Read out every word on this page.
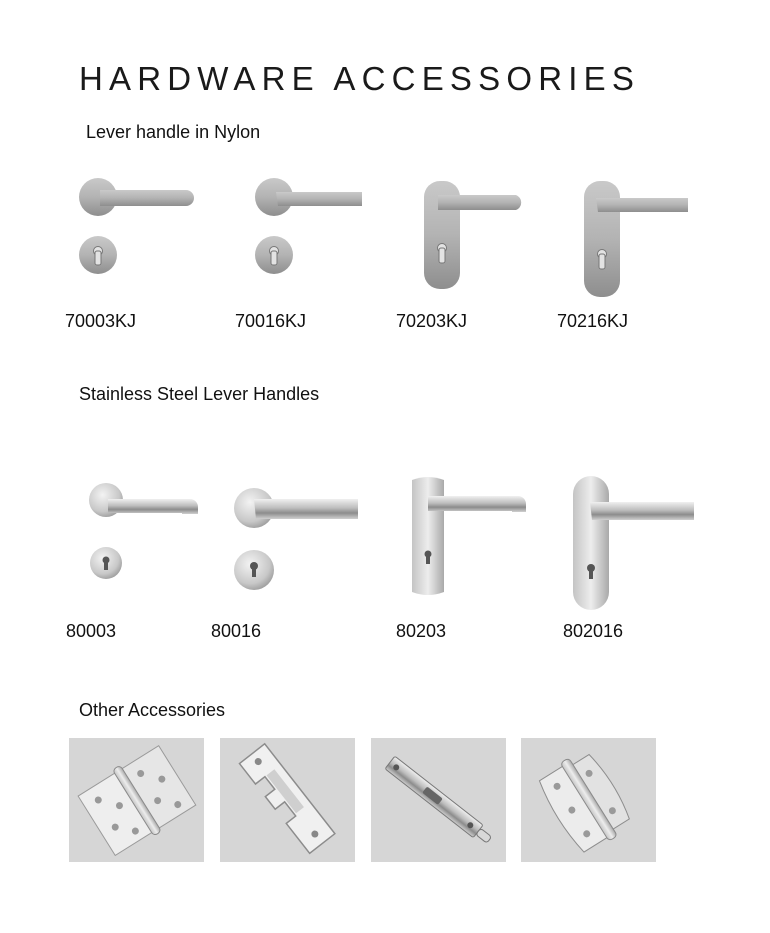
HARDWARE ACCESSORIES
Lever handle in Nylon
70003KJ	70016KJ	70203KJ	70216KJ
Stainless Steel Lever Handles
80003	80016	80203	802016
Other Accessories
